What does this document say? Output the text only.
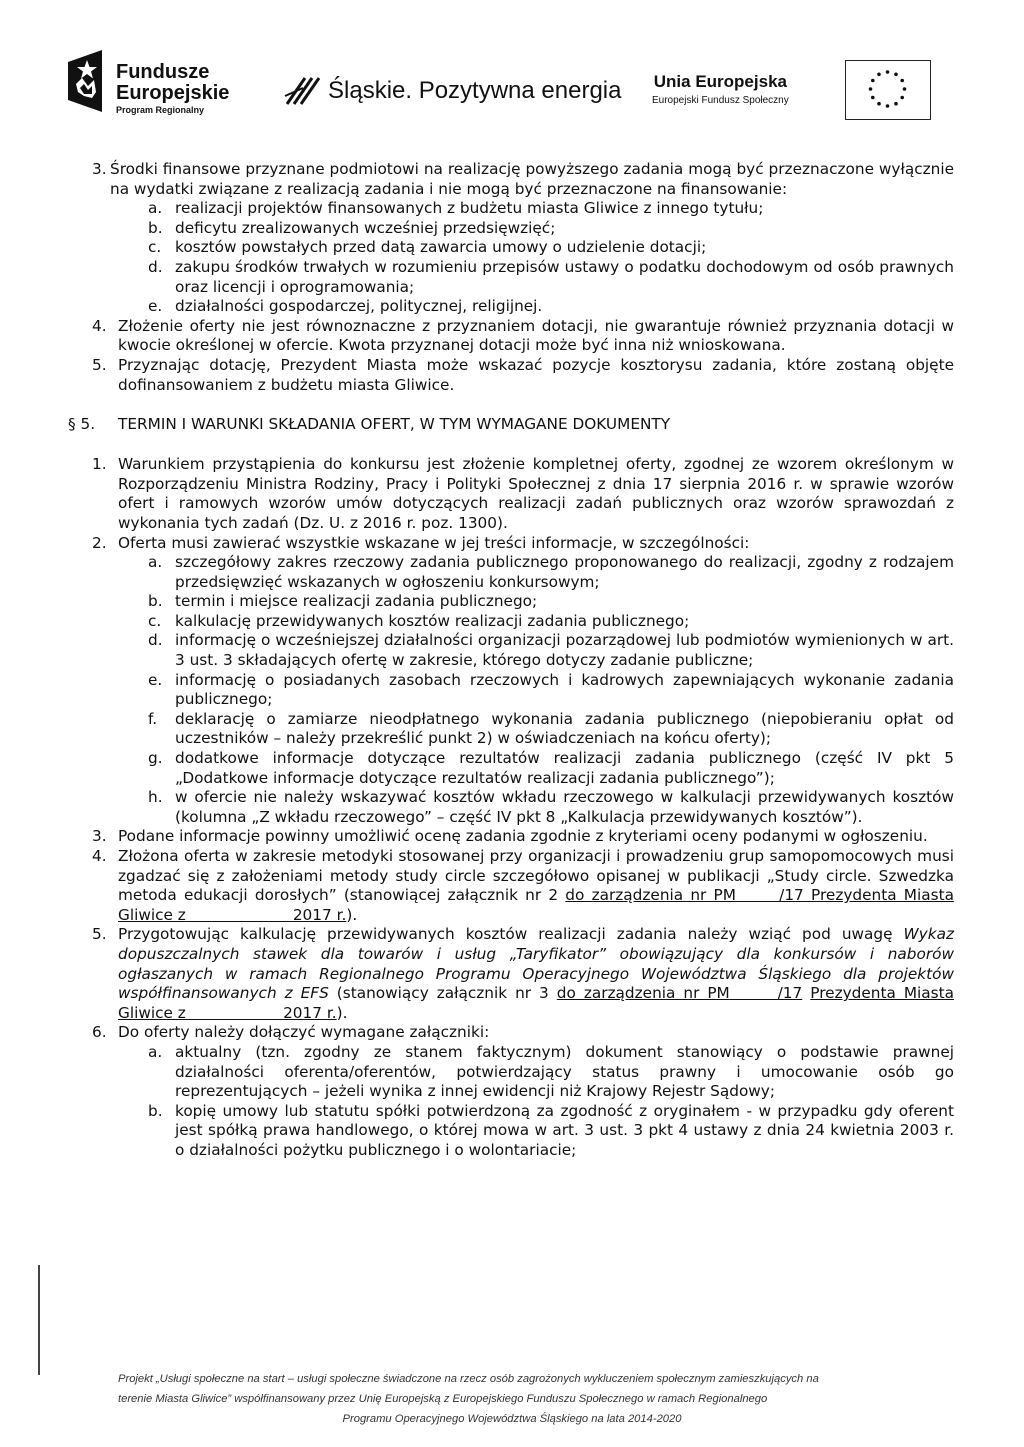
Fundusze
Europejskie
Program Regionalny
Śląskie. Pozytywna energia Unia Europejska
Europejski Fundusz Społeczny
3. Środki finansowe przyznane podmiotowi na realizację powyższego zadania mogą być przeznaczone wyłącznie na wydatki związane z realizacją zadania i nie mogą być przeznaczone na finansowanie:
a. realizacji projektów finansowanych z budżetu miasta Gliwice z innego tytułu;
b. deficytu zrealizowanych wcześniej przedsięwzięć;
c. kosztów powstałych przed datą zawarcia umowy o udzielenie dotacji;
d. zakupu środków trwałych w rozumieniu przepisów ustawy o podatku dochodowym od osób prawnych oraz licencji i oprogramowania;
e. działalności gospodarczej, politycznej, religijnej.
4. Złożenie oferty nie jest równoznaczne z przyznaniem dotacji, nie gwarantuje również przyznania dotacji w kwocie określonej w ofercie. Kwota przyznanej dotacji może być inna niż wnioskowana.
5. Przyznając dotację, Prezydent Miasta może wskazać pozycje kosztorysu zadania, które zostaną objęte dofinansowaniem z budżetu miasta Gliwice.
§ 5. TERMIN I WARUNKI SKŁADANIA OFERT, W TYM WYMAGANE DOKUMENTY
1. Warunkiem przystąpienia do konkursu jest złożenie kompletnej oferty, zgodnej ze wzorem określonym w Rozporządzeniu Ministra Rodziny, Pracy i Polityki Społecznej z dnia 17 sierpnia 2016 r. w sprawie wzorów ofert i ramowych wzorów umów dotyczących realizacji zadań publicznych oraz wzorów sprawozdań z wykonania tych zadań (Dz. U. z 2016 r. poz. 1300).
2. Oferta musi zawierać wszystkie wskazane w jej treści informacje, w szczególności:
a. szczegółowy zakres rzeczowy zadania publicznego proponowanego do realizacji, zgodny z rodzajem przedsięwzięć wskazanych w ogłoszeniu konkursowym;
b. termin i miejsce realizacji zadania publicznego;
c. kalkulację przewidywanych kosztów realizacji zadania publicznego;
d. informację o wcześniejszej działalności organizacji pozarządowej lub podmiotów wymienionych w art. 3 ust. 3 składających ofertę w zakresie, którego dotyczy zadanie publiczne;
e. informację o posiadanych zasobach rzeczowych i kadrowych zapewniających wykonanie zadania publicznego;
f. deklarację o zamiarze nieodpłatnego wykonania zadania publicznego (niepobieraniu opłat od uczestników – należy przekreślić punkt 2) w oświadczeniach na końcu oferty);
g. dodatkowe informacje dotyczące rezultatów realizacji zadania publicznego (część IV pkt 5 „Dodatkowe informacje dotyczące rezultatów realizacji zadania publicznego”);
h. w ofercie nie należy wskazywać kosztów wkładu rzeczowego w kalkulacji przewidywanych kosztów (kolumna „Z wkładu rzeczowego” – część IV pkt 8 „Kalkulacja przewidywanych kosztów”).
3. Podane informacje powinny umożliwić ocenę zadania zgodnie z kryteriami oceny podanymi w ogłoszeniu.
4. Złożona oferta w zakresie metodyki stosowanej przy organizacji i prowadzeniu grup samopomocowych musi zgadzać się z założeniami metody study circle szczegółowo opisanej w publikacji „Study circle. Szwedzka metoda edukacji dorosłych” (stanowiącej załącznik nr 2 do zarządzenia nr PM	/17 Prezydenta Miasta Gliwice z	2017 r.).
5. Przygotowując kalkulację przewidywanych kosztów realizacji zadania należy wziąć pod uwagę Wykaz dopuszczalnych stawek dla towarów i usług „Taryfikator” obowiązujący dla konkursów i naborów ogłaszanych w ramach Regionalnego Programu Operacyjnego Województwa Śląskiego dla projektów współfinansowanych z EFS (stanowiący załącznik nr 3 do zarządzenia nr PM	/17 Prezydenta Miasta Gliwice z	2017 r.).
6. Do oferty należy dołączyć wymagane załączniki:
a. aktualny (tzn. zgodny ze stanem faktycznym) dokument stanowiący o podstawie prawnej działalności oferenta/oferentów, potwierdzający status prawny i umocowanie osób go reprezentujących – jeżeli wynika z innej ewidencji niż Krajowy Rejestr Sądowy;
b. kopię umowy lub statutu spółki potwierdzoną za zgodność z oryginałem - w przypadku gdy oferent jest spółką prawa handlowego, o której mowa w art. 3 ust. 3 pkt 4 ustawy z dnia 24 kwietnia 2003 r. o działalności pożytku publicznego i o wolontariacie;
Projekt „Usługi społeczne na start – usługi społeczne świadczone na rzecz osób zagrożonych wykluczeniem społecznym zamieszkujących na
terenie Miasta Gliwice” współfinansowany przez Unię Europejską z Europejskiego Funduszu Społecznego w ramach Regionalnego
Programu Operacyjnego Województwa Śląskiego na lata 2014-2020
